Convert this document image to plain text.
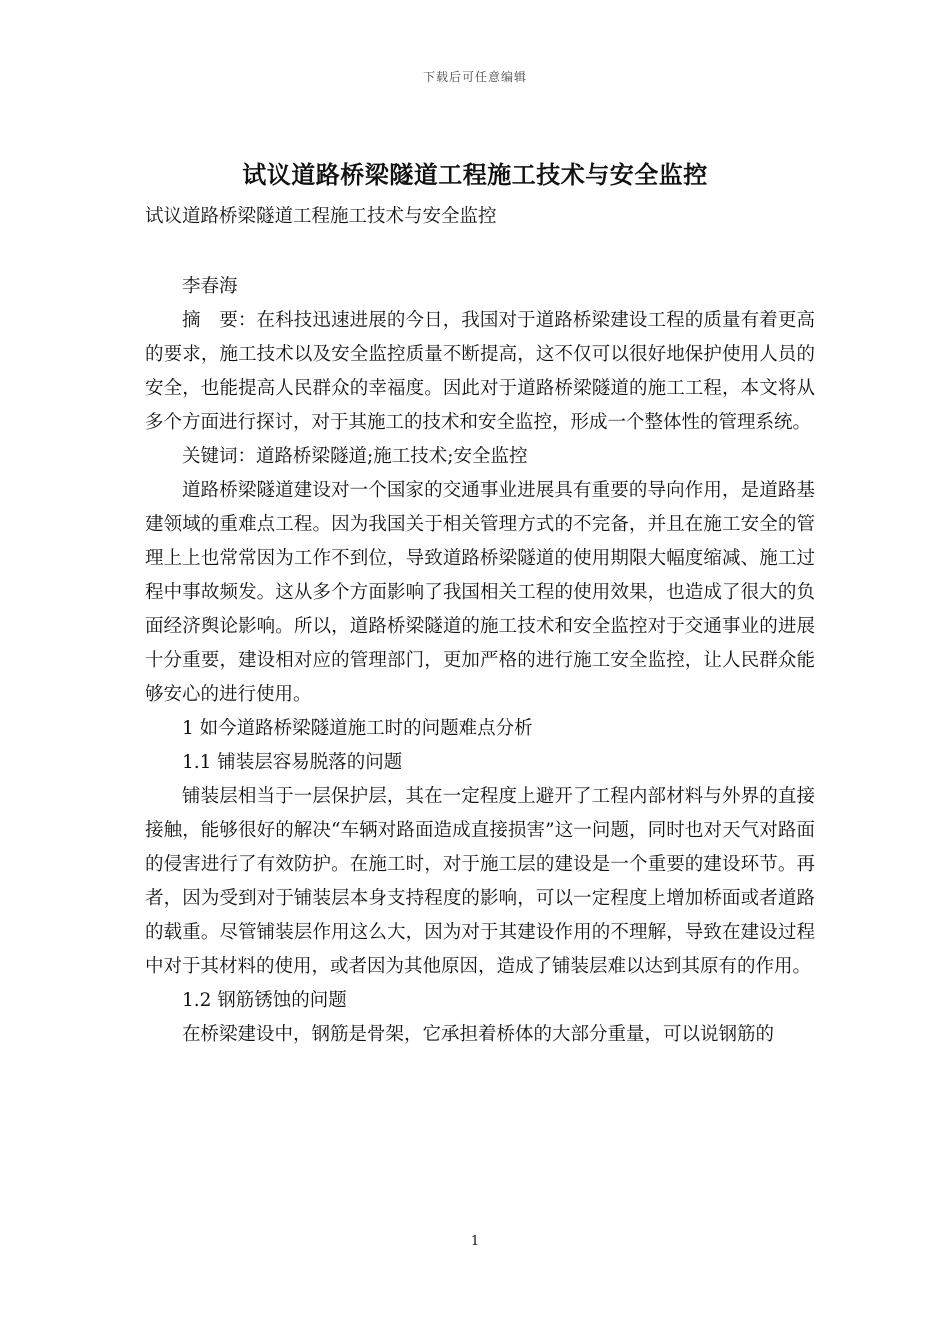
下载后可任意编辑
试议道路桥梁隧道工程施工技术与安全监控
试议道路桥梁隧道工程施工技术与安全监控

李春海

摘　要：在科技迅速进展的今日，我国对于道路桥梁建设工程的质量有着更高的要求，施工技术以及安全监控质量不断提高，这不仅可以很好地保护使用人员的安全，也能提高人民群众的幸福度。因此对于道路桥梁隧道的施工工程，本文将从多个方面进行探讨，对于其施工的技术和安全监控，形成一个整体性的管理系统。

关键词：道路桥梁隧道;施工技术;安全监控

道路桥梁隧道建设对一个国家的交通事业进展具有重要的导向作用，是道路基建领域的重难点工程。因为我国关于相关管理方式的不完备，并且在施工安全的管理上上也常常因为工作不到位，导致道路桥梁隧道的使用期限大幅度缩减、施工过程中事故频发。这从多个方面影响了我国相关工程的使用效果，也造成了很大的负面经济舆论影响。所以，道路桥梁隧道的施工技术和安全监控对于交通事业的进展十分重要，建设相对应的管理部门，更加严格的进行施工安全监控，让人民群众能够安心的进行使用。

1 如今道路桥梁隧道施工时的问题难点分析

1.1 铺装层容易脱落的问题

铺装层相当于一层保护层，其在一定程度上避开了工程内部材料与外界的直接接触，能够很好的解决“车辆对路面造成直接损害”这一问题，同时也对天气对路面的侵害进行了有效防护。在施工时，对于施工层的建设是一个重要的建设环节。再者，因为受到对于铺装层本身支持程度的影响，可以一定程度上增加桥面或者道路的载重。尽管铺装层作用这么大，因为对于其建设作用的不理解，导致在建设过程中对于其材料的使用，或者因为其他原因，造成了铺装层难以达到其原有的作用。

1.2 钢筋锈蚀的问题

在桥梁建设中，钢筋是骨架，它承担着桥体的大部分重量，可以说钢筋的

1
